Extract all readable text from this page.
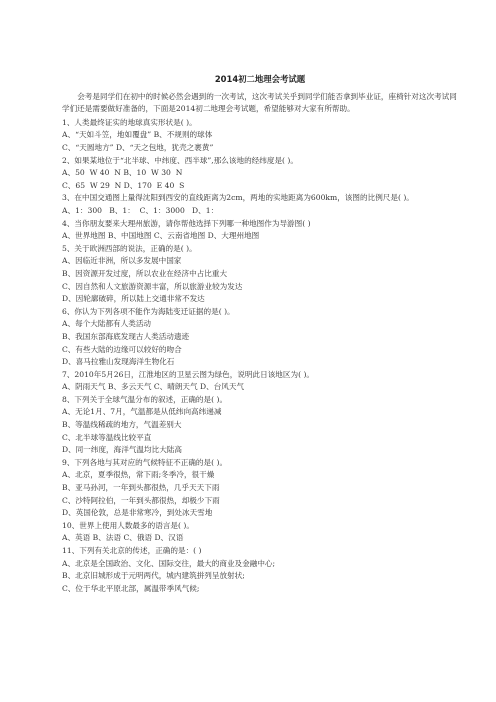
2014初二地理会考试题
会考是同学们在初中的时候必然会遇到的一次考试，这次考试关乎到同学们能否拿到毕业证，座椅针对这次考试同学们还是需要做好准备的，下面是2014初二地理会考试题，希望能够对大家有所帮助。
1、人类最终证实的地球真实形状是( )。
A、“天如斗笠，地如覆盘” B、不规则的球体
C、“天圆地方” D、“天之包地，犹壳之裹黄”
2、如果某地位于“北半球、中纬度、西半球”,那么该地的经纬度是( )。
A、50  W 40  N B、10  W 30  N
C、65  W 29  N D、170  E 40  S
3、在中国交通图上量得沈阳到西安的直线距离为2cm，两地的实地距离为600km，该图的比例尺是( )。
A、1：300   B、1：  C、1：3000   D、1：
4、当你朋友要来大理州旅游，请你帮他选择下列哪一种地图作为导游图( )
A、世界地图 B、中国地图 C、云南省地图 D、大理州地图
5、关于欧洲西部的说法，正确的是( )。
A、因临近非洲，所以多发展中国家
B、因资源开发过度，所以农业在经济中占比重大
C、因自然和人文旅游资源丰富，所以旅游业较为发达
D、因轮廓破碎，所以陆上交通非常不发达
6、你认为下列各项不能作为海陆变迁证据的是( )。
A、每个大陆都有人类活动
B、我国东部海底发现古人类活动遗迹
C、有些大陆的边缘可以较好的吻合
D、喜马拉雅山发现海洋生物化石
7、2010年5月26日，江淮地区的卫星云图为绿色，说明此日该地区为( )。
A、阴雨天气 B、多云天气 C、晴朗天气 D、台风天气
8、下列关于全球气温分布的叙述，正确的是( )。
A、无论1月、7月，气温都是从低纬向高纬递减
B、等温线稀疏的地方，气温差别大
C、北半球等温线比较平直
D、同一纬度，海洋气温均比大陆高
9、下列各地与其对应的气候特征不正确的是( )。
A、北京，夏季很热，常下雨;冬季冷，很干燥
B、亚马孙河，一年到头都很热，几乎天天下雨
C、沙特阿拉伯，一年到头都很热，却极少下雨
D、英国伦敦，总是非常寒冷，到处冰天雪地
10、世界上使用人数最多的语言是( )。
A、英语 B、法语 C、俄语 D、汉语
11、下列有关北京的传述，正确的是：( )
A、北京是全国政治、文化、国际交往，最大的商业及金融中心;
B、北京旧城形成于元明两代，城内建筑拼列呈放射状;
C、位于华北平原北部，属温带季风气候;
